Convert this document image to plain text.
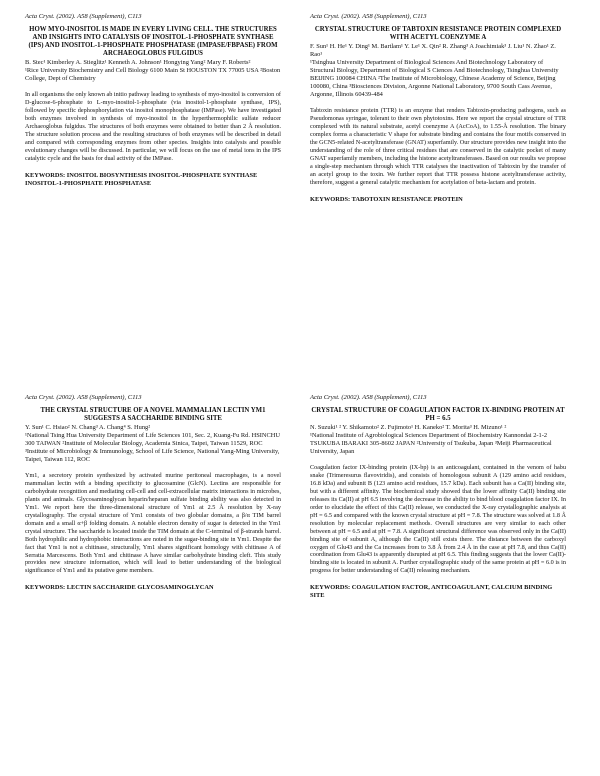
Acta Cryst. (2002). A58 (Supplement), C113
HOW MYO-INOSITOL IS MADE IN EVERY LIVING CELL. THE STRUCTURES AND INSIGHTS INTO CATALYSIS OF INOSITOL-1-PHOSPHATE SYNTHASE (IPS) AND INOSITOL-1-PHOSPHATE PHOSPHATASE (IMPASE/FBPASE) FROM ARCHAEOGLOBUS FULGIDUS
B. Stec¹ Kimberley A. Stieglitz¹ Kenneth A. Johnson¹ Hongying Yang² Mary F. Roberts²
¹Rice University Biochemistry and Cell Biology 6100 Main St HOUSTON TX 77005 USA ²Boston College, Dept of Chemistry
In all organisms the only known ab initio pathway leading to synthesis of myo-inositol is conversion of D-glucose-6-phosphate to L-myo-inositol-1-phosphate (via inositol-1-phosphate synthase, IPS), followed by specific dephosphorylation via inositol monophosphatase (IMPase). We have investigated both enzymes involved in synthesis of myo-inositol in the hyperthermophilic sulfate reducer Archaeoglobus fulgidus. The structures of both enzymes were obtained to better than 2 Å resolution. The structure solution process and the resulting structures of both enzymes will be described in detail and compared with corresponding enzymes from other species. Insights into catalysis and possible evolutionary changes will be discussed. In particular, we will focus on the use of metal ions in the IPS catalytic cycle and the basis for dual activity of the IMPase.
KEYWORDS: INOSITOL BIOSYNTHESIS INOSITOL-PHOSPHATE SYNTHASE INOSITOL-1-PHOSPHATE PHOSPHATASE
Acta Cryst. (2002). A58 (Supplement), C113
CRYSTAL STRUCTURE OF TABTOXIN RESISTANCE PROTEIN COMPLEXED WITH ACETYL COENZYME A
F. Sun¹ H. He¹ Y. Ding¹ M. Bartlam¹ Y. Le¹ X. Qin² R. Zhang³ A Joachimiak³ J. Liu¹ N. Zhao¹ Z. Rao¹
¹Tsinghua University Department of Biological Sciences And Biotechnology Laboratory of Structural Biology, Department of Biological S Ciences And Biotechnology, Tsinghua University BEIJING 100084 CHINA ²The Institute of Microbiology, Chinese Academy of Science, Beijing 100080, China ³Biosciences Division, Argonne National Laboratory, 9700 South Cass Avenue, Argonne, Illinois 60439-484
Tabtoxin resistance protein (TTR) is an enzyme that renders Tabtoxin-producing pathogens, such as Pseudomonas syringae, tolerant to their own phytotoxins. Here we report the crystal structure of TTR complexed with its natural substrate, acetyl coenzyme A (AcCoA), to 1.55-Å resolution. The binary complex forms a characteristic V shape for substrate binding and contains the four motifs conserved in the GCN5-related N-acetyltransferase (GNAT) superfamily. Our structure provides new insight into the understanding of the role of three critical residues that are conserved in the catalytic pocket of many GNAT superfamily members, including the histone acetyltransferases. Based on our results we propose a single-step mechanism through which TTR catalyses the inactivation of Tabtoxin by the transfer of an acetyl group to the toxin. We further report that TTR possess histone acetyltransferase activity, therefore, suggest a general catalytic mechanism for acetylation of beta-lactam and protein.
KEYWORDS: TABOTOXIN RESISTANCE PROTEIN
Acta Cryst. (2002). A58 (Supplement), C113
THE CRYSTAL STRUCTURE OF A NOVEL MAMMALIAN LECTIN YM1 SUGGESTS A SACCHARIDE BINDING SITE
Y. Sun¹ C. Hsiao² N. Chang³ A. Chang⁴ S. Hung²
¹National Tsing Hua University Department of Life Sciences 101, Sec. 2, Kuang-Fu Rd. HSINCHU 300 TAIWAN ²Institute of Molecular Biology, Academia Sinica, Taipei, Taiwan 11529, ROC ³Institute of Microbiology & Immunology, School of Life Science, National Yang-Ming University, Taipei, Taiwan 112, ROC
Ym1, a secretory protein synthesized by activated murine peritoneal macrophages, is a novel mammalian lectin with a binding specificity to glucosamine (GlcN). Lectins are responsible for carbohydrate recognition and mediating cell-cell and cell-extracellular matrix interactions in microbes, plants and animals. Glycosaminoglycan heparin/heparan sulfate binding ability was also detected in Ym1. We report here the three-dimensional structure of Ym1 at 2.5 Å resolution by X-ray crystallography. The crystal structure of Ym1 consists of two globular domains, a β/α TIM barrel domain and a small α+β folding domain. A notable electron density of sugar is detected in the Ym1 crystal structure. The saccharide is located inside the TIM domain at the C-terminal of β-strands barrel. Both hydrophilic and hydrophobic interactions are noted in the sugar-binding site in Ym1. Despite the fact that Ym1 is not a chitinase, structurally, Ym1 shares significant homology with chitinase A of Serratia Marcescens. Both Ym1 and chitinase A have similar carbohydrate binding cleft. This study provides new structure information, which will lead to better understanding of the biological significance of Ym1 and its putative gene members.
KEYWORDS: LECTIN SACCHARIDE GLYCOSAMINOGLYCAN
Acta Cryst. (2002). A58 (Supplement), C113
CRYSTAL STRUCTURE OF COAGULATION FACTOR IX-BINDING PROTEIN AT PH = 6.5
N. Suzuki¹ ² Y. Shikamoto² Z. Fujimoto¹ H. Kaneko² T. Morita³ H. Mizuno¹ ²
¹National Institute of Agrobiological Sciences Department of Biochemistry Kannondai 2-1-2 TSUKUBA IBARAKI 305-8602 JAPAN ²University of Tsukuba, Japan ³Meiji Pharmaceutical University, Japan
Coagulation factor IX-binding protein (IX-bp) is an anticoagulant, contained in the venom of habu snake (Trimeresurus flavoviridis), and consists of homologous subunit A (129 amino acid residues, 16.8 kDa) and subunit B (123 amino acid residues, 15.7 kDa). Each subunit has a Ca(II) binding site, but with a different affinity. The biochemical study showed that the lower affinity Ca(II) binding site releases its Ca(II) at pH 6.5 involving the decrease in the ability to bind blood coagulation factor IX. In order to elucidate the effect of this Ca(II) release, we conducted the X-ray crystallographic analysis at pH = 6.5 and compared with the known crystal structure at pH = 7.8. The structure was solved at 1.8 Å resolution by molecular replacement methods. Overall structures are very similar to each other between at pH = 6.5 and at pH = 7.8. A significant structural difference was observed only in the Ca(II) binding site of subunit A, although the Ca(II) still exists there. The distance between the carboxyl oxygen of Glu43 and the Ca increases from to 3.8 Å from 2.4 Å in the case at pH 7.8, and thus Ca(II) coordination from Glu43 is apparently disrupted at pH 6.5. This finding suggests that the lower Ca(II)-binding site is located in subunit A. Further crystallographic study of the same protein at pH = 6.0 is in progress for better understanding of Ca(II) releasing mechanism.
KEYWORDS: COAGULATION FACTOR, ANTICOAGULANT, CALCIUM BINDING SITE
